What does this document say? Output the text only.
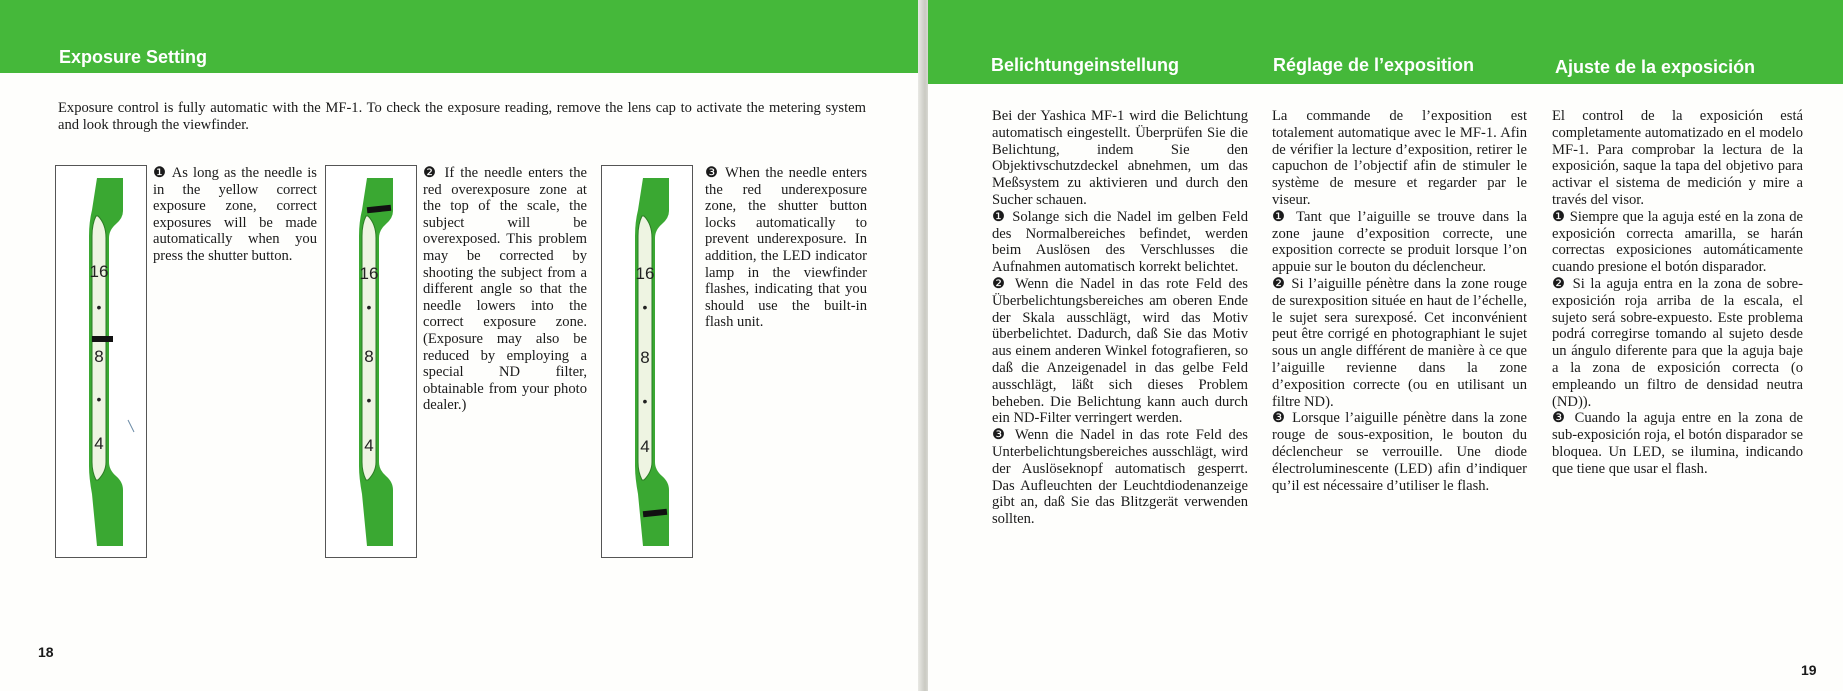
Exposure Setting
Exposure control is fully automatic with the MF-1. To check the exposure reading, remove the lens cap to activate the metering system and look through the viewfinder.
16
•
8
•
4
❶ As long as the needle is in the yellow correct exposure zone, correct exposures will be made automatically when you press the shutter button.
16
•
8
•
4
❷ If the needle enters the red overexposure zone at the top of the scale, the subject will be overexposed. This problem may be corrected by shooting the subject from a different angle so that the needle lowers into the correct exposure zone. (Exposure may also be reduced by employing a special ND filter, obtainable from your photo dealer.)
16
•
8
•
4
❸ When the needle enters the red underexposure zone, the shutter button locks automatically to prevent underexposure. In addition, the LED indicator lamp in the viewfinder flashes, indicating that you should use the built-in flash unit.
18
Belichtungeinstellung	Réglage de l’exposition	Ajuste de la exposición

Bei der Yashica MF-1 wird die Belichtung automatisch eingestellt. Überprüfen Sie die Belichtung, indem Sie den Objektivschutzdeckel abnehmen, um das Meßsystem zu aktivieren und durch den Sucher schauen.

❶ Solange sich die Nadel im gelben Feld des Normalbereiches befindet, werden beim Auslösen des Verschlusses die Aufnahmen automatisch korrekt belichtet.

❷ Wenn die Nadel in das rote Feld des Überbelichtungsbereiches am oberen Ende der Skala ausschlägt, wird das Motiv überbelichtet. Dadurch, daß Sie das Motiv aus einem anderen Winkel fotografieren, so daß die Anzeigenadel in das gelbe Feld ausschlägt, läßt sich dieses Problem beheben. Die Belichtung kann auch durch ein ND-Filter verringert werden.

❸ Wenn die Nadel in das rote Feld des Unterbelichtungsbereiches ausschlägt, wird der Auslöseknopf automatisch gesperrt. Das Aufleuchten der Leuchtdiodenanzeige gibt an, daß Sie das Blitzgerät verwenden sollten.

La commande de l’exposition est totalement automatique avec le MF-1. Afin de vérifier la lecture d’exposition, retirer le capuchon de l’objectif afin de stimuler le système de mesure et regarder par le viseur.

❶ Tant que l’aiguille se trouve dans la zone jaune d’exposition correcte, une exposition correcte se produit lorsque l’on appuie sur le bouton du déclencheur.

❷ Si l’aiguille pénètre dans la zone rouge de surexposition située en haut de l’échelle, le sujet sera surexposé. Cet inconvénient peut être corrigé en photographiant le sujet sous un angle différent de manière à ce que l’aiguille revienne dans la zone d’exposition correcte (ou en utilisant un filtre ND).

❸ Lorsque l’aiguille pénètre dans la zone rouge de sous-exposition, le bouton du déclencheur se verrouille. Une diode électroluminescente (LED) afin d’indiquer qu’il est nécessaire d’utiliser le flash.

El control de la exposición está completamente automatizado en el modelo MF-1. Para comprobar la lectura de la exposición, saque la tapa del objetivo para activar el sistema de medición y mire a través del visor.

❶ Siempre que la aguja esté en la zona de exposición correcta amarilla, se harán correctas exposiciones automáticamente cuando presione el botón disparador.

❷ Si la aguja entra en la zona de sobre-exposición roja arriba de la escala, el sujeto será sobre-expuesto. Este problema podrá corregirse tomando al sujeto desde un ángulo diferente para que la aguja baje a la zona de exposición correcta (o empleando un filtro de densidad neutra (ND)).

❸ Cuando la aguja entre en la zona de sub-exposición roja, el botón disparador se bloquea. Un LED, se ilumina, indicando que tiene que usar el flash.

19
